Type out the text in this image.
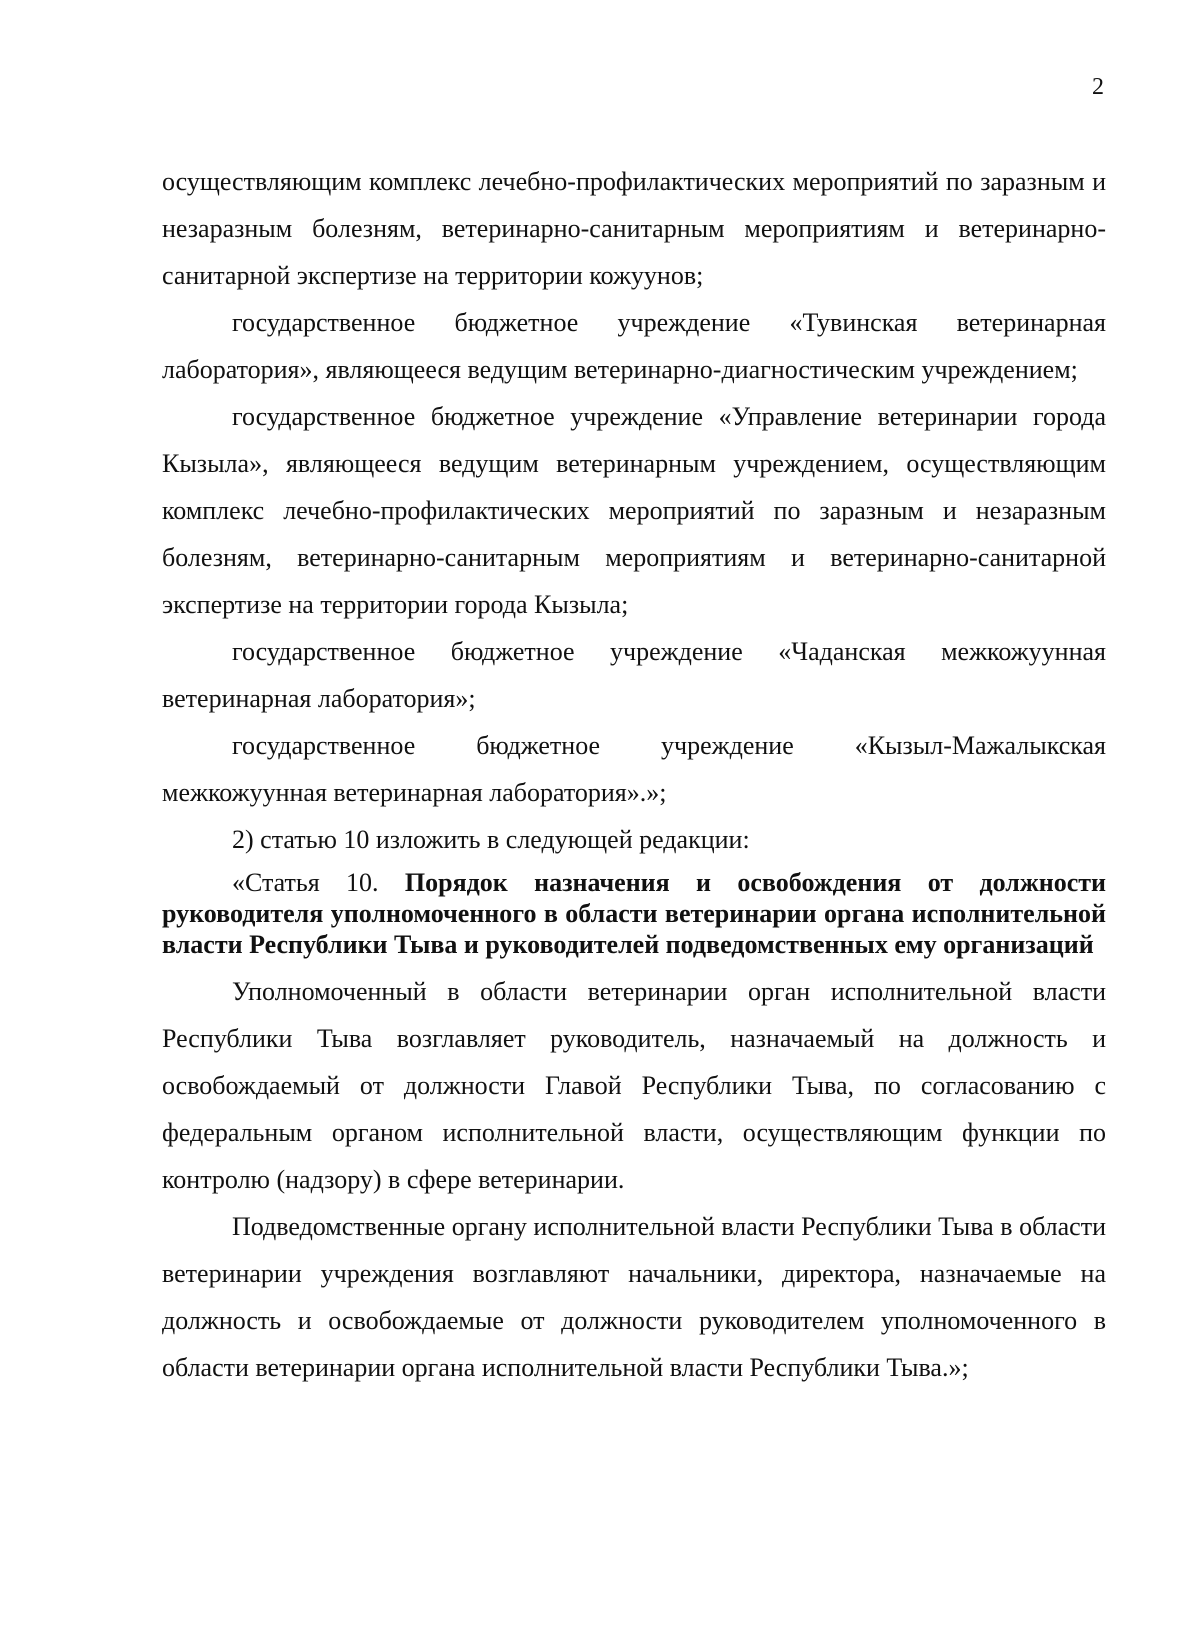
2

осуществляющим комплекс лечебно-профилактических мероприятий по заразным и незаразным болезням, ветеринарно-санитарным мероприятиям и ветеринарно-санитарной экспертизе на территории кожуунов;

государственное бюджетное учреждение «Тувинская ветеринарная лаборатория», являющееся ведущим ветеринарно-диагностическим учреждением;

государственное бюджетное учреждение «Управление ветеринарии города Кызыла», являющееся ведущим ветеринарным учреждением, осуществляющим комплекс лечебно-профилактических мероприятий по заразным и незаразным болезням, ветеринарно-санитарным мероприятиям и ветеринарно-санитарной экспертизе на территории города Кызыла;

государственное бюджетное учреждение «Чаданская межкожуунная ветеринарная лаборатория»;

государственное бюджетное учреждение «Кызыл-Мажалыкская межкожуунная ветеринарная лаборатория».»;

2) статью 10 изложить в следующей редакции:

«Статья 10. Порядок назначения и освобождения от должности руководителя уполномоченного в области ветеринарии органа исполнительной власти Республики Тыва и руководителей подведомственных ему организаций

Уполномоченный в области ветеринарии орган исполнительной власти Республики Тыва возглавляет руководитель, назначаемый на должность и освобождаемый от должности Главой Республики Тыва, по согласованию с федеральным органом исполнительной власти, осуществляющим функции по контролю (надзору) в сфере ветеринарии.

Подведомственные органу исполнительной власти Республики Тыва в области ветеринарии учреждения возглавляют начальники, директора, назначаемые на должность и освобождаемые от должности руководителем уполномоченного в области ветеринарии органа исполнительной власти Республики Тыва.»;
